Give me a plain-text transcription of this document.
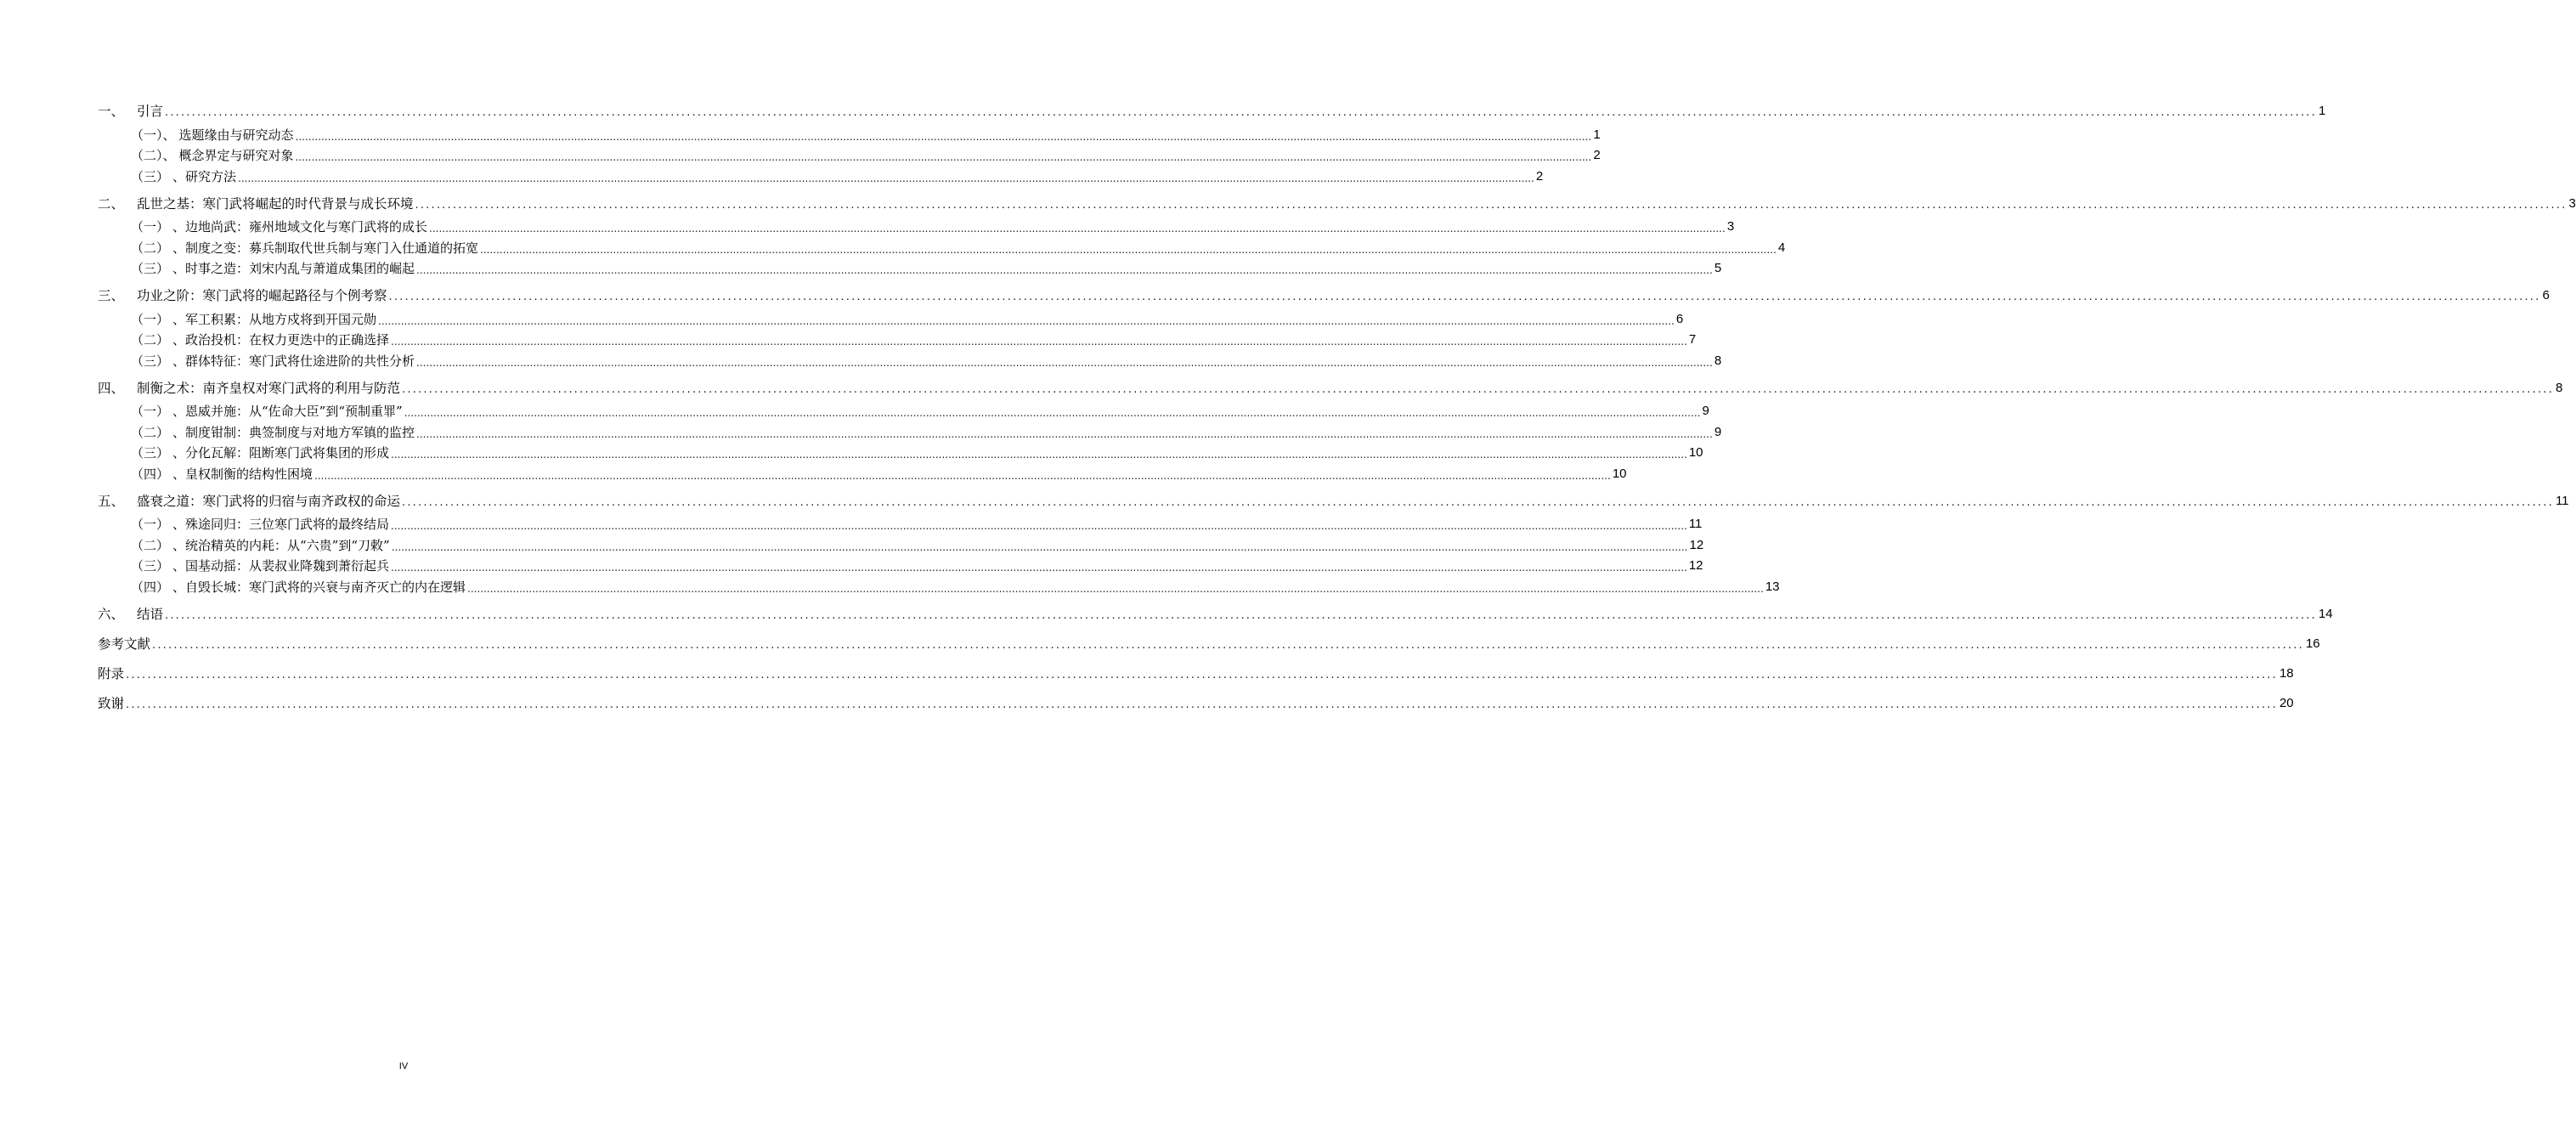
一、 引言 ................................................................................................................................................................................................................................................................................................................................................................................................................ 1
（一）、 选题缘由与研究动态 ................................................................................................................................................................................................................................................................................................................................................................................................................ 1
（二）、 概念界定与研究对象 ................................................................................................................................................................................................................................................................................................................................................................................................................ 2
（三） 、研究方法 ................................................................................................................................................................................................................................................................................................................................................................................................................ 2
二、 乱世之基：寒门武将崛起的时代背景与成长环境 ................................................................................................................................................................................................................................................................................................................................................................................................................ 3
（一） 、边地尚武：雍州地域文化与寒门武将的成长 ................................................................................................................................................................................................................................................................................................................................................................................................................ 3
（二） 、制度之变：募兵制取代世兵制与寒门入仕通道的拓宽 ................................................................................................................................................................................................................................................................................................................................................................................................................ 4
（三） 、时事之造：刘宋内乱与萧道成集团的崛起 ................................................................................................................................................................................................................................................................................................................................................................................................................ 5
三、 功业之阶：寒门武将的崛起路径与个例考察 ................................................................................................................................................................................................................................................................................................................................................................................................................ 6
（一） 、军工积累：从地方戍将到开国元勋 ................................................................................................................................................................................................................................................................................................................................................................................................................ 6
（二） 、政治投机：在权力更迭中的正确选择 ................................................................................................................................................................................................................................................................................................................................................................................................................ 7
（三） 、群体特征：寒门武将仕途进阶的共性分析 ................................................................................................................................................................................................................................................................................................................................................................................................................ 8
四、 制衡之术：南齐皇权对寒门武将的利用与防范 ................................................................................................................................................................................................................................................................................................................................................................................................................ 8
（一） 、恩威并施：从“佐命大臣”到“预制重罪” ................................................................................................................................................................................................................................................................................................................................................................................................................ 9
（二） 、制度钳制：典签制度与对地方军镇的监控 ................................................................................................................................................................................................................................................................................................................................................................................................................ 9
（三） 、分化瓦解：阻断寒门武将集团的形成 ................................................................................................................................................................................................................................................................................................................................................................................................................ 10
（四） 、皇权制衡的结构性困境 ................................................................................................................................................................................................................................................................................................................................................................................................................ 10
五、 盛衰之道：寒门武将的归宿与南齐政权的命运 ................................................................................................................................................................................................................................................................................................................................................................................................................ 11
（一） 、殊途同归：三位寒门武将的最终结局 ................................................................................................................................................................................................................................................................................................................................................................................................................ 11
（二） 、统治精英的内耗：从“六贵”到“刀敕” ................................................................................................................................................................................................................................................................................................................................................................................................................ 12
（三） 、国基动摇：从裴叔业降魏到萧衍起兵 ................................................................................................................................................................................................................................................................................................................................................................................................................ 12
（四） 、自毁长城：寒门武将的兴衰与南齐灭亡的内在逻辑 ................................................................................................................................................................................................................................................................................................................................................................................................................ 13
六、 结语 ................................................................................................................................................................................................................................................................................................................................................................................................................ 14
参考文献 ................................................................................................................................................................................................................................................................................................................................................................................................................ 16
附录 ................................................................................................................................................................................................................................................................................................................................................................................................................ 18
致谢 ................................................................................................................................................................................................................................................................................................................................................................................................................ 20
IV
